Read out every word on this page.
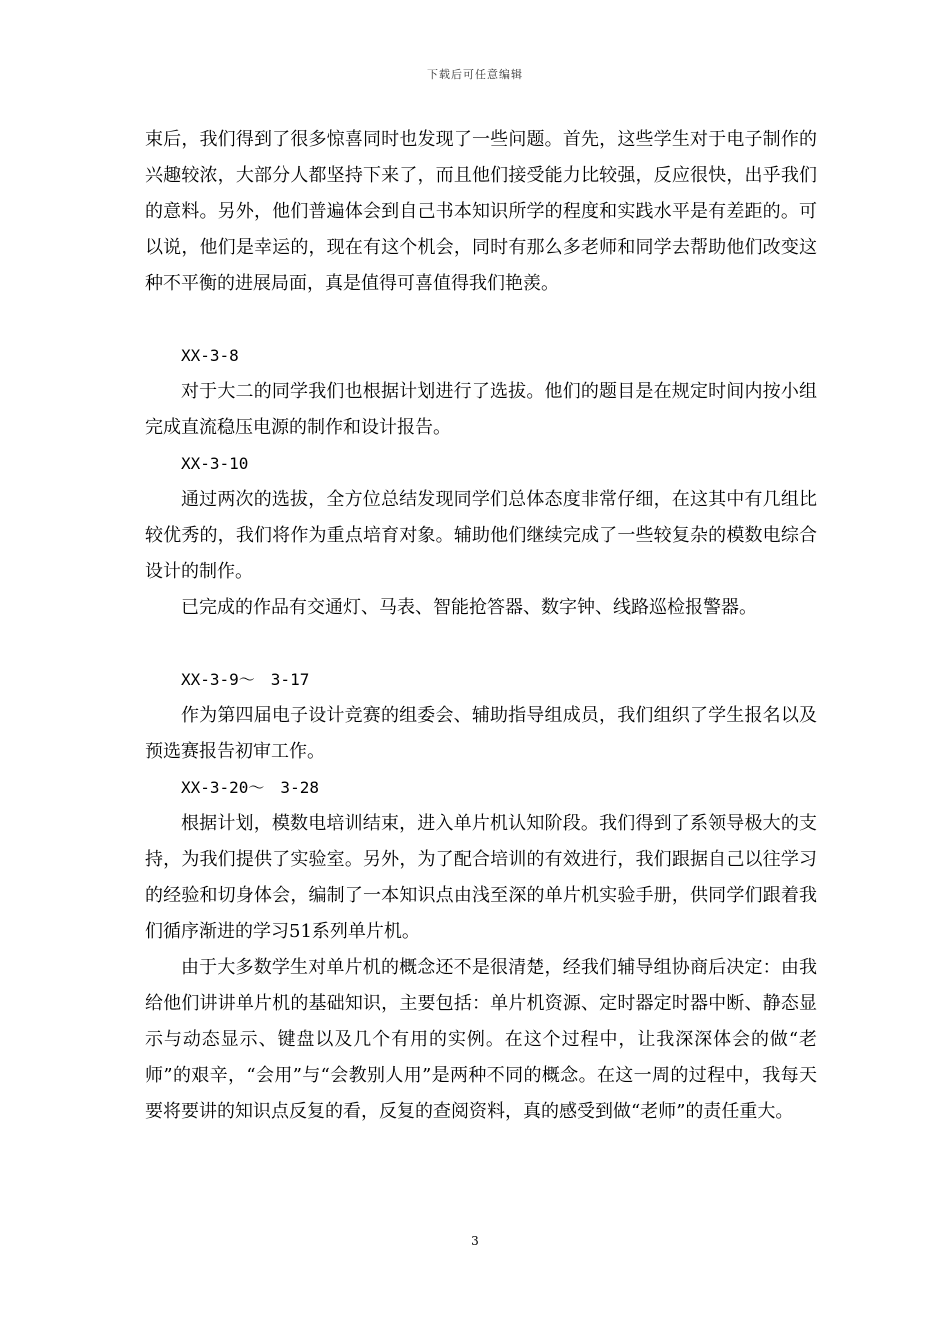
下载后可任意编辑

束后，我们得到了很多惊喜同时也发现了一些问题。首先，这些学生对于电子制作的兴趣较浓，大部分人都坚持下来了，而且他们接受能力比较强，反应很快，出乎我们的意料。另外，他们普遍体会到自己书本知识所学的程度和实践水平是有差距的。可以说，他们是幸运的，现在有这个机会，同时有那么多老师和同学去帮助他们改变这种不平衡的进展局面，真是值得可喜值得我们艳羡。

XX-3-8

对于大二的同学我们也根据计划进行了选拔。他们的题目是在规定时间内按小组完成直流稳压电源的制作和设计报告。

XX-3-10

通过两次的选拔，全方位总结发现同学们总体态度非常仔细，在这其中有几组比较优秀的，我们将作为重点培育对象。辅助他们继续完成了一些较复杂的模数电综合设计的制作。

已完成的作品有交通灯、马表、智能抢答器、数字钟、线路巡检报警器。

XX-3-9～　3-17

作为第四届电子设计竞赛的组委会、辅助指导组成员，我们组织了学生报名以及预选赛报告初审工作。

XX-3-20～　3-28

根据计划，模数电培训结束，进入单片机认知阶段。我们得到了系领导极大的支持，为我们提供了实验室。另外，为了配合培训的有效进行，我们跟据自己以往学习的经验和切身体会，编制了一本知识点由浅至深的单片机实验手册，供同学们跟着我们循序渐进的学习51系列单片机。

由于大多数学生对单片机的概念还不是很清楚，经我们辅导组协商后决定：由我给他们讲讲单片机的基础知识，主要包括：单片机资源、定时器定时器中断、静态显示与动态显示、键盘以及几个有用的实例。在这个过程中，让我深深体会的做“老师”的艰辛，“会用”与“会教别人用”是两种不同的概念。在这一周的过程中，我每天要将要讲的知识点反复的看，反复的查阅资料，真的感受到做“老师”的责任重大。

3
